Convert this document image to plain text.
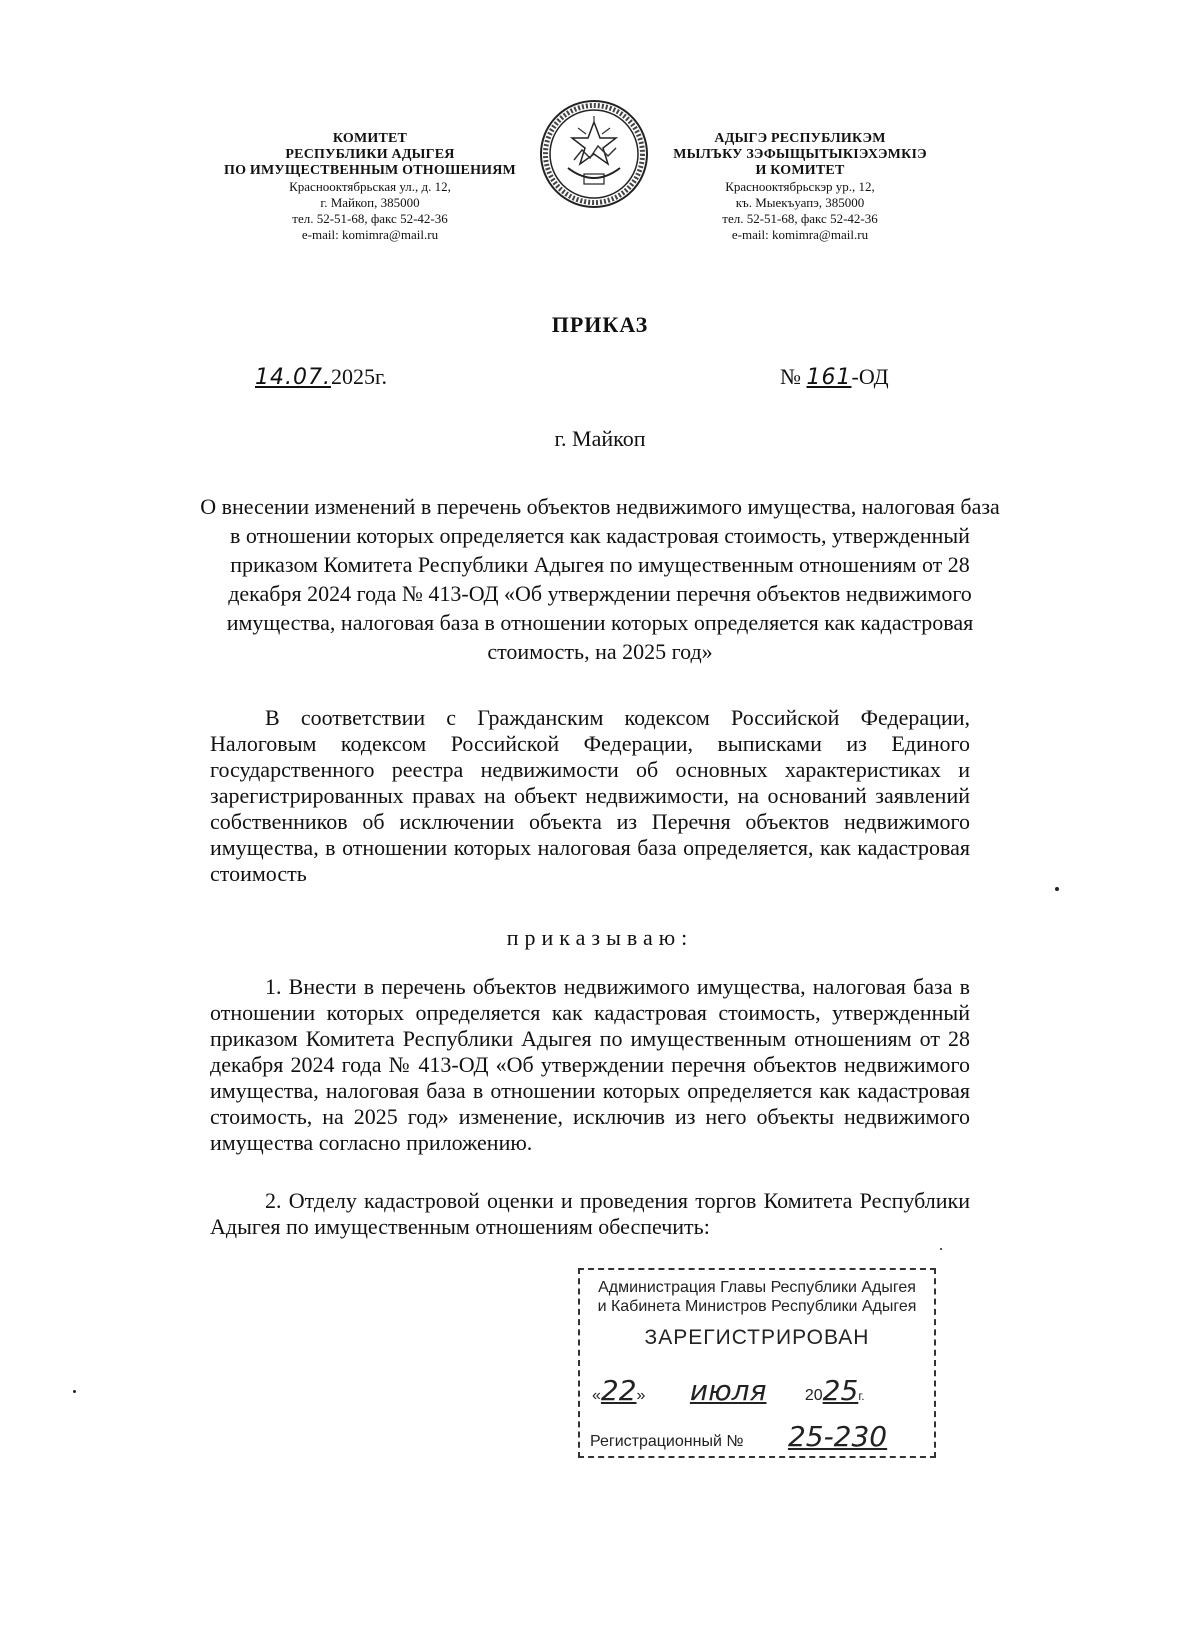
КОМИТЕТ
РЕСПУБЛИКИ АДЫГЕЯ
ПО ИМУЩЕСТВЕННЫМ ОТНОШЕНИЯМ
Краснооктябрьская ул., д. 12,
г. Майкоп, 385000
тел. 52-51-68, факс 52-42-36
e-mail: komimra@mail.ru
АДЫГЭ РЕСПУБЛИКЭМ
МЫЛЪКУ ЗЭФЫЩЫТЫКIЭХЭМКIЭ
И КОМИТЕТ
Краснооктябрьскэр ур., 12,
къ. Мыекъуапэ, 385000
тел. 52-51-68, факс 52-42-36
e-mail: komimra@mail.ru
ПРИКАЗ
14.07.2025г.	№ 161-ОД
г. Майкоп
О внесении изменений в перечень объектов недвижимого имущества, налоговая база в отношении которых определяется как кадастровая стоимость, утвержденный приказом Комитета Республики Адыгея по имущественным отношениям от 28 декабря 2024 года № 413-ОД «Об утверждении перечня объектов недвижимого имущества, налоговая база в отношении которых определяется как кадастровая стоимость, на 2025 год»
В соответствии с Гражданским кодексом Российской Федерации, Налоговым кодексом Российской Федерации, выписками из Единого государственного реестра недвижимости об основных характеристиках и зарегистрированных правах на объект недвижимости, на оснований заявлений собственников об исключении объекта из Перечня объектов недвижимого имущества, в отношении которых налоговая база определяется, как кадастровая стоимость
приказываю:
1. Внести в перечень объектов недвижимого имущества, налоговая база в отношении которых определяется как кадастровая стоимость, утвержденный приказом Комитета Республики Адыгея по имущественным отношениям от 28 декабря 2024 года № 413-ОД «Об утверждении перечня объектов недвижимого имущества, налоговая база в отношении которых определяется как кадастровая стоимость, на 2025 год» изменение, исключив из него объекты недвижимого имущества согласно приложению.
2. Отделу кадастровой оценки и проведения торгов Комитета Республики Адыгея по имущественным отношениям обеспечить:
Администрация Главы Республики Адыгея
и Кабинета Министров Республики Адыгея
ЗАРЕГИСТРИРОВАН
«22» июля 2025г.
Регистрационный № 25-230
